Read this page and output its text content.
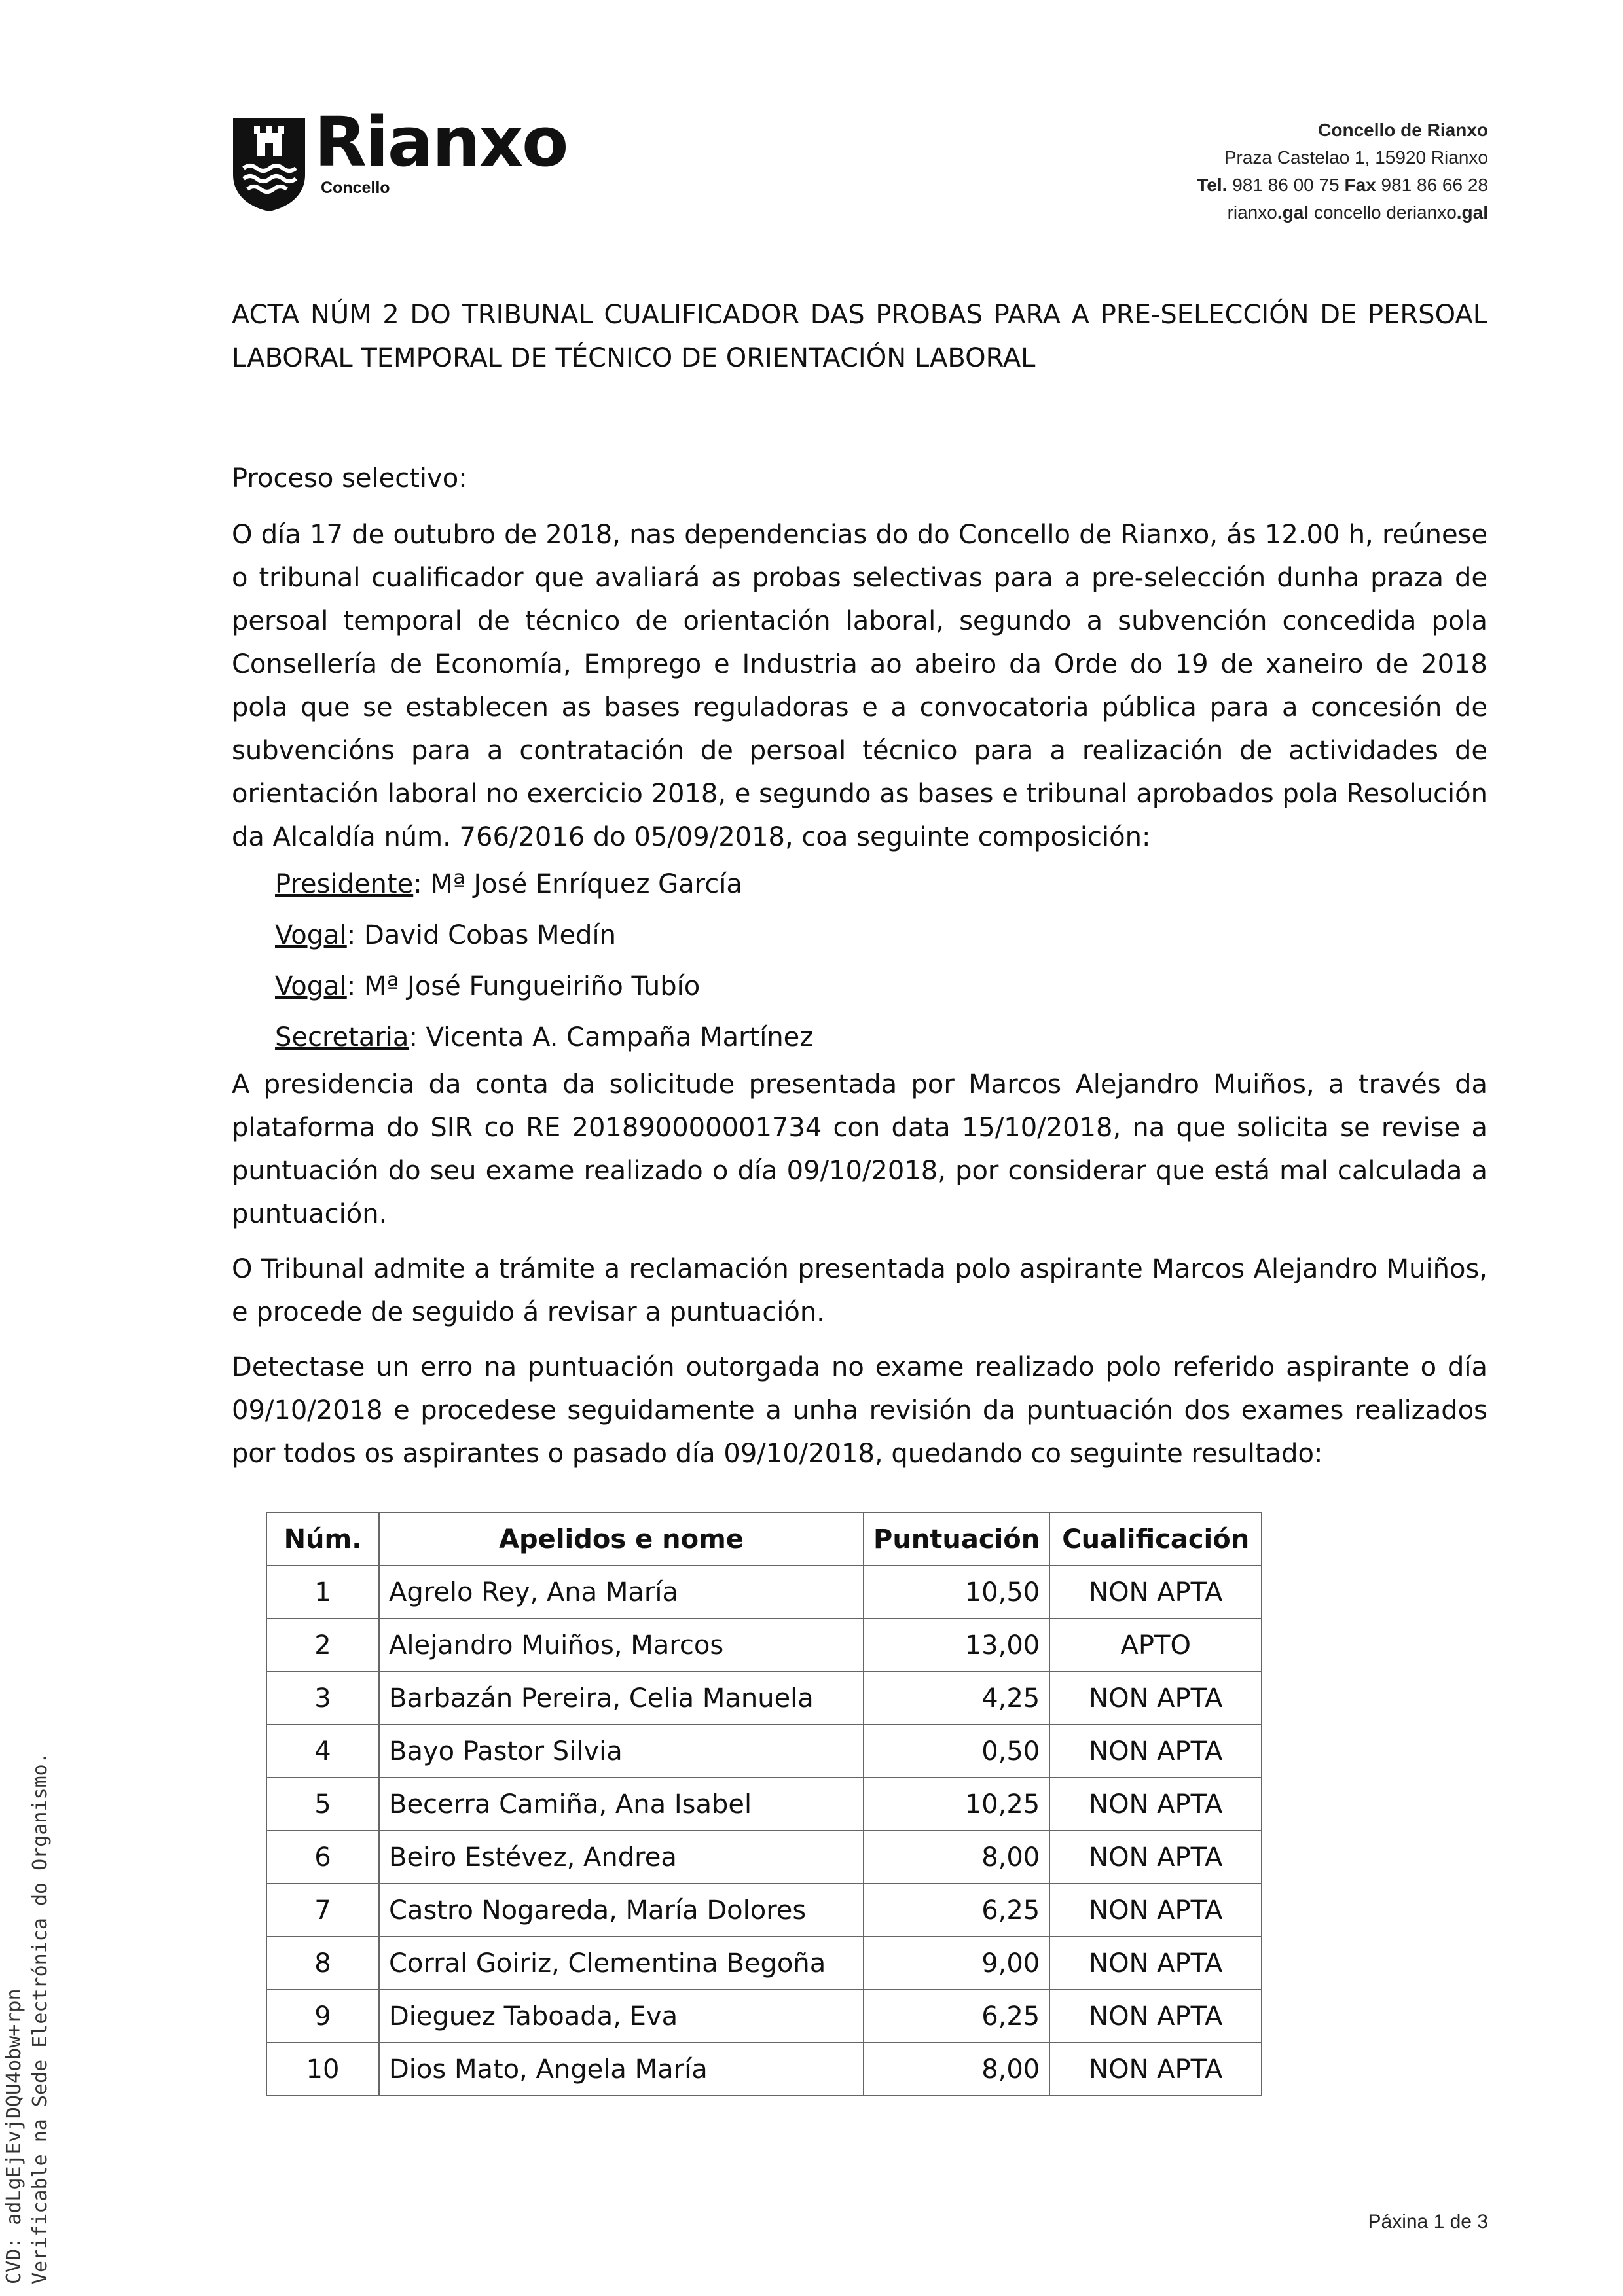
Rianxo
Concello
Concello de Rianxo
Praza Castelao 1, 15920 Rianxo
Tel. 981 86 00 75 Fax 981 86 66 28
rianxo.gal concello derianxo.gal

ACTA NÚM 2 DO TRIBUNAL CUALIFICADOR DAS PROBAS PARA A PRE-SELECCIÓN DE PERSOAL LABORAL TEMPORAL DE TÉCNICO DE ORIENTACIÓN LABORAL

Proceso selectivo:

O día 17 de outubro de 2018, nas dependencias do do Concello de Rianxo, ás 12.00 h, reúnese o tribunal cualificador que avaliará as probas selectivas para a pre-selección dunha praza de persoal temporal de técnico de orientación laboral, segundo a subvención concedida pola Consellería de Economía, Emprego e Industria ao abeiro da Orde do 19 de xaneiro de 2018 pola que se establecen as bases reguladoras e a convocatoria pública para a concesión de subvencións para a contratación de persoal técnico para a realización de actividades de orientación laboral no exercicio 2018, e segundo as bases e tribunal aprobados pola Resolución da Alcaldía núm. 766/2016 do 05/09/2018, coa seguinte composición:

Presidente: Mª José Enríquez García
Vogal: David Cobas Medín
Vogal: Mª José Fungueiriño Tubío
Secretaria: Vicenta A. Campaña Martínez

A presidencia da conta da solicitude presentada por Marcos Alejandro Muiños, a través da plataforma do SIR co RE 201890000001734 con data 15/10/2018, na que solicita se revise a puntuación do seu exame realizado o día 09/10/2018, por considerar que está mal calculada a puntuación.

O Tribunal admite a trámite a reclamación presentada polo aspirante Marcos Alejandro Muiños, e procede de seguido á revisar a puntuación.

Detectase un erro na puntuación outorgada no exame realizado polo referido aspirante o día 09/10/2018 e procedese seguidamente a unha revisión da puntuación dos exames realizados por todos os aspirantes o pasado día 09/10/2018, quedando co seguinte resultado:

Núm.	Apelidos e nome	Puntuación	Cualificación
1	Agrelo Rey, Ana María	10,50	NON APTA
2	Alejandro Muiños, Marcos	13,00	APTO
3	Barbazán Pereira, Celia Manuela	4,25	NON APTA
4	Bayo Pastor Silvia	0,50	NON APTA
5	Becerra Camiña, Ana Isabel	10,25	NON APTA
6	Beiro Estévez, Andrea	8,00	NON APTA
7	Castro Nogareda, María Dolores	6,25	NON APTA
8	Corral Goiriz, Clementina Begoña	9,00	NON APTA
9	Dieguez Taboada, Eva	6,25	NON APTA
10	Dios Mato, Angela María	8,00	NON APTA
Páxina 1 de 3
CVD: adLgEjEvjDQU4obw+rpn Verificable na Sede Electrónica do Organismo.
